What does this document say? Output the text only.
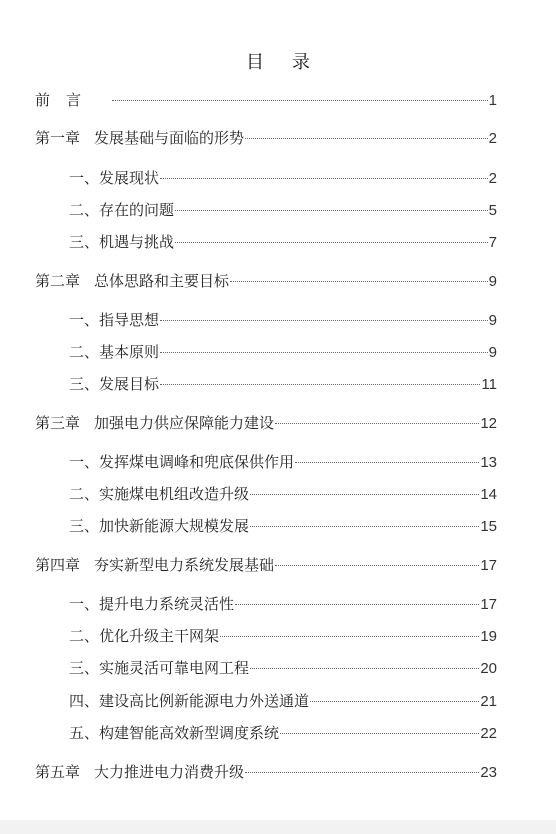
目录
前言	1
第一章 发展基础与面临的形势	2
一、 发展现状	2
二、 存在的问题	5
三、 机遇与挑战	7
第二章 总体思路和主要目标	9
一、 指导思想	9
二、 基本原则	9
三、 发展目标	11
第三章 加强电力供应保障能力建设	12
一、 发挥煤电调峰和兜底保供作用	13
二、 实施煤电机组改造升级	14
三、 加快新能源大规模发展	15
第四章 夯实新型电力系统发展基础	17
一、 提升电力系统灵活性	17
二、 优化升级主干网架	19
三、 实施灵活可靠电网工程	20
四、 建设高比例新能源电力外送通道	21
五、 构建智能高效新型调度系统	22
第五章 大力推进电力消费升级	23
